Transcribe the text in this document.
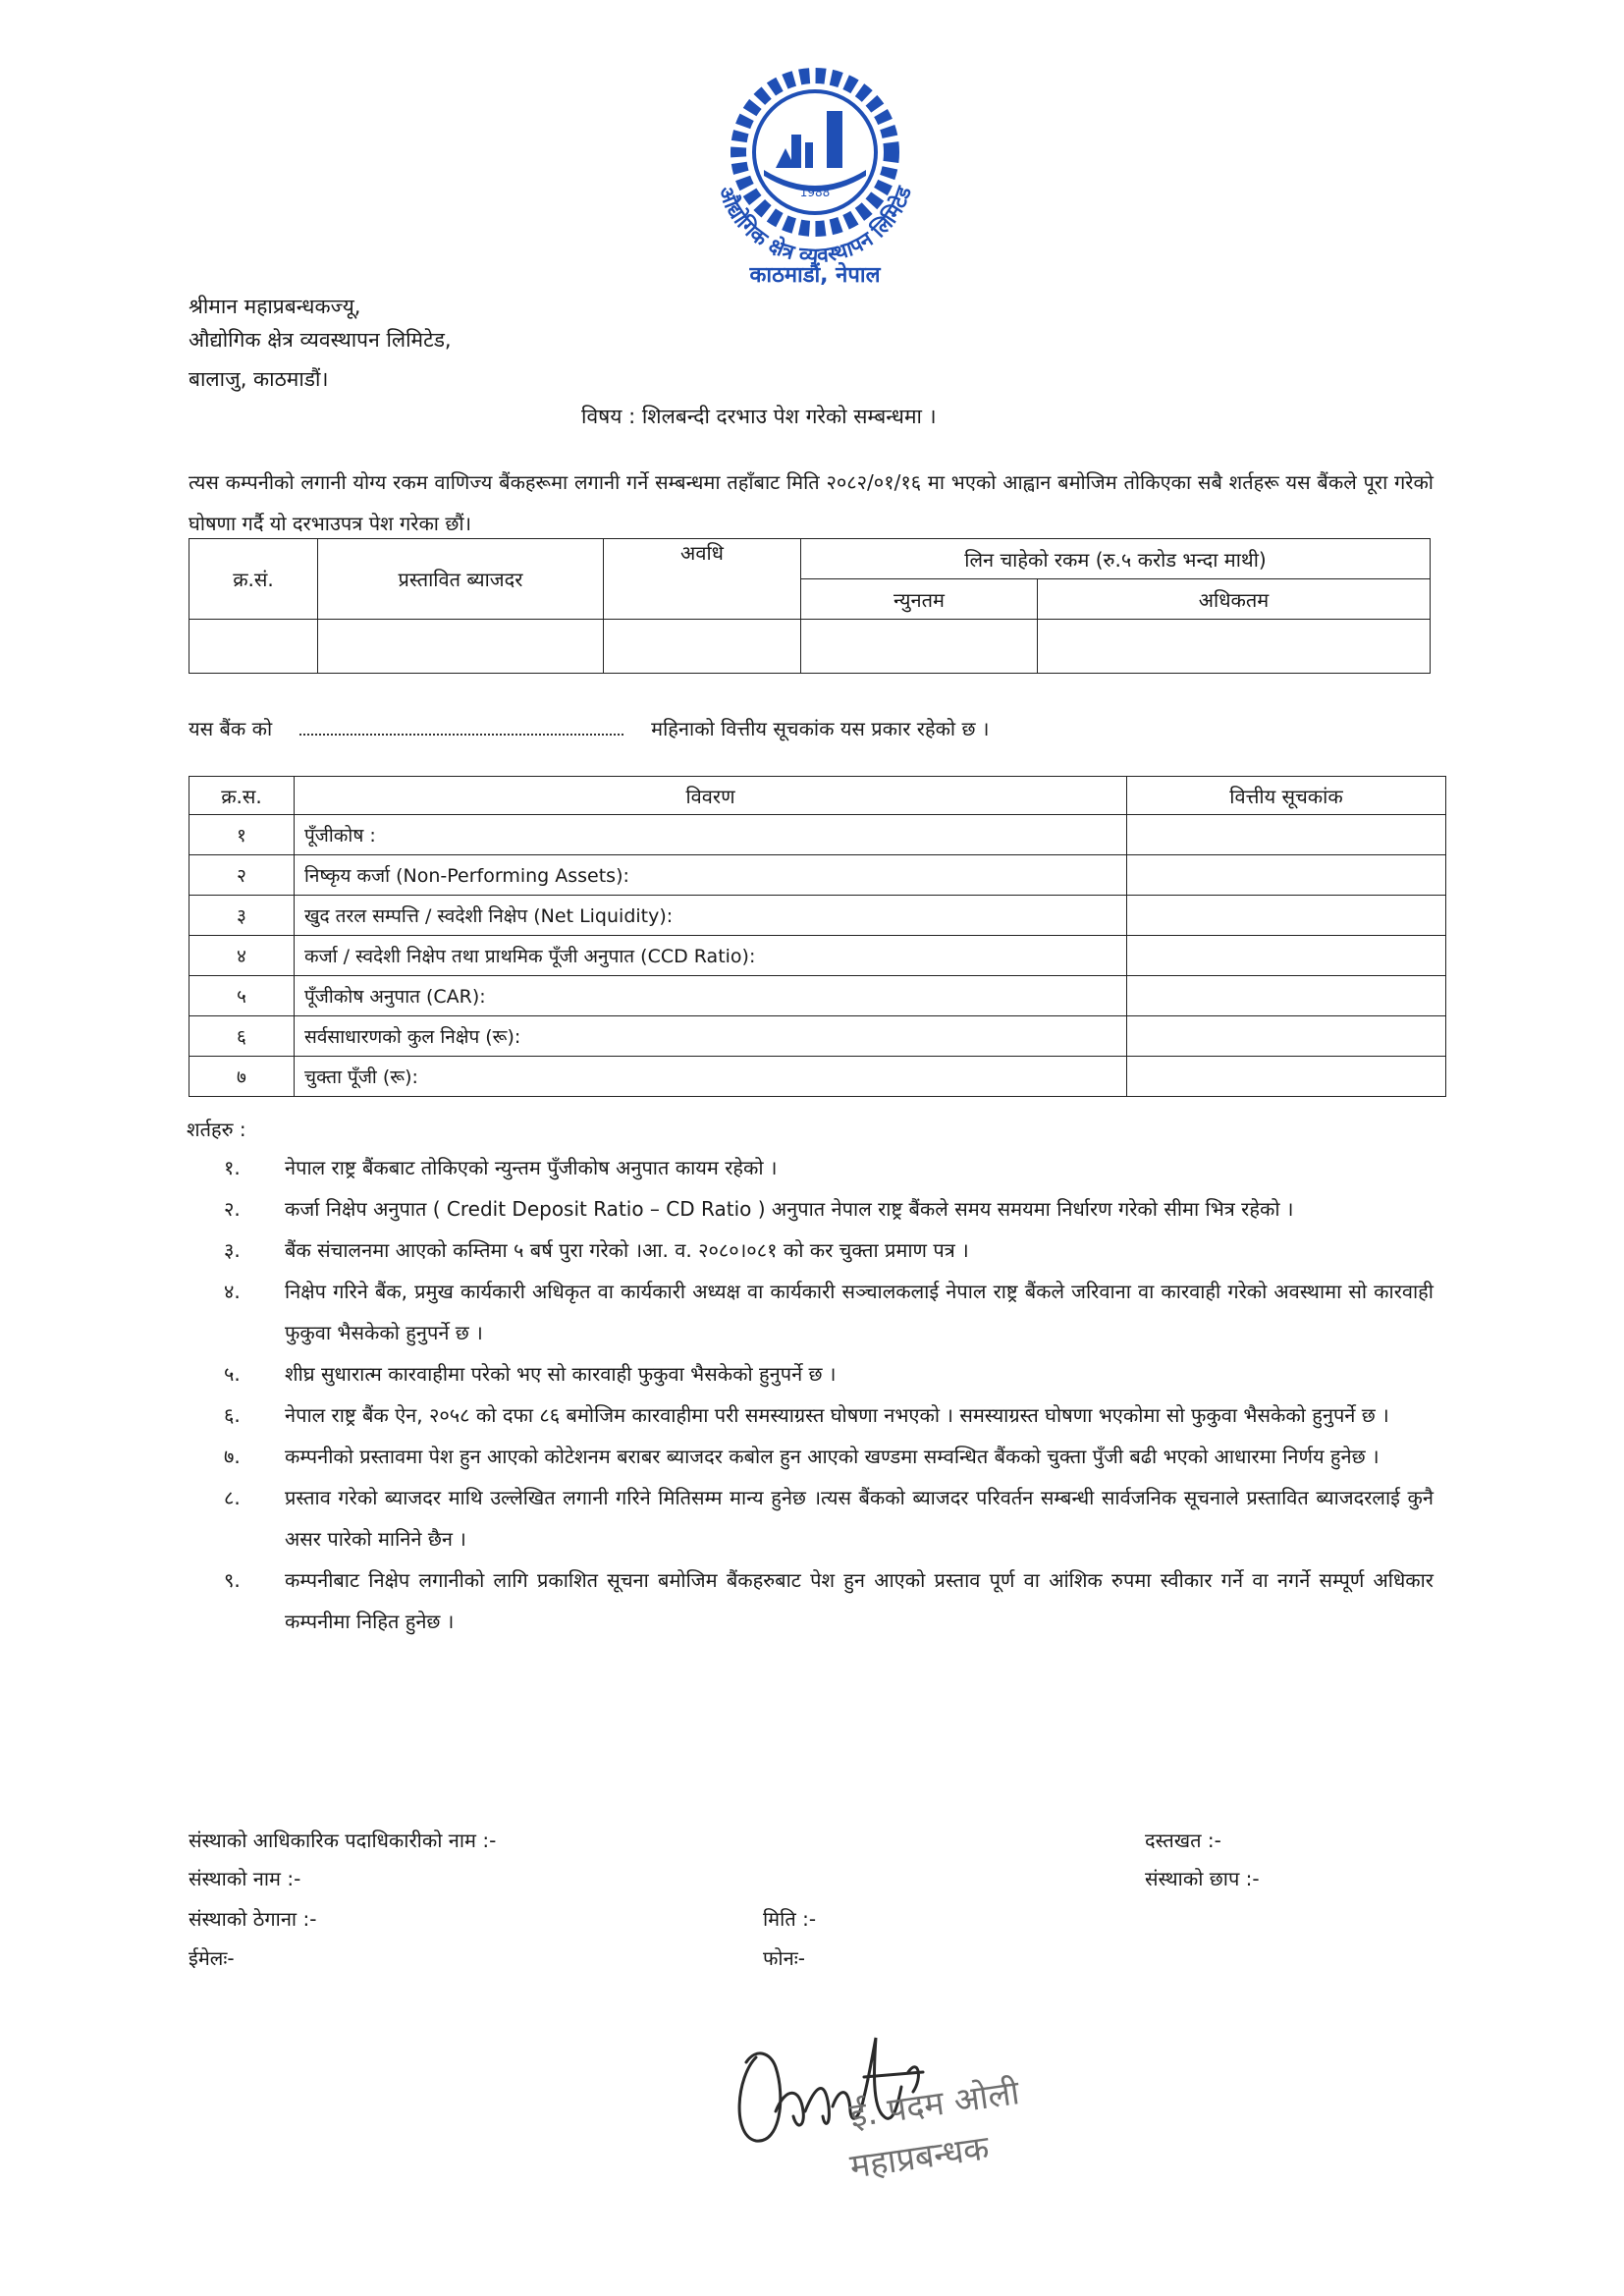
1988
औद्योगिक क्षेत्र व्यवस्थापन लिमिटेड
काठमाडौं, नेपाल
श्रीमान महाप्रबन्धकज्यू,
औद्योगिक क्षेत्र व्यवस्थापन लिमिटेड,
बालाजु, काठमाडौं।
विषय : शिलबन्दी दरभाउ पेश गरेको सम्बन्धमा ।
त्यस कम्पनीको लगानी योग्य रकम वाणिज्य बैंकहरूमा लगानी गर्ने सम्बन्धमा तहाँबाट मिति २०८२/०१/१६ मा भएको आह्वान बमोजिम तोकिएका सबै शर्तहरू यस बैंकले पूरा गरेको घोषणा गर्दै यो दरभाउपत्र पेश गरेका छौं।
क्र.सं.	प्रस्तावित ब्याजदर	अवधि	लिन चाहेको रकम (रु.५ करोड भन्दा माथी)	
			न्युनतम	अधिकतम

यस बैंक को	महिनाको वित्तीय सूचकांक यस प्रकार रहेको छ ।
क्र.स.	विवरण	वित्तीय सूचकांक
१	पूँजीकोष :	
२	निष्कृय कर्जा (Non-Performing Assets):	
३	खुद तरल सम्पत्ति / स्वदेशी निक्षेप (Net Liquidity):	
४	कर्जा / स्वदेशी निक्षेप तथा प्राथमिक पूँजी अनुपात (CCD Ratio):	
५	पूँजीकोष अनुपात (CAR):	
६	सर्वसाधारणको कुल निक्षेप (रू):	
७	चुक्ता पूँजी (रू):	
शर्तहरु :
१.	नेपाल राष्ट्र बैंकबाट तोकिएको न्युन्तम पुँजीकोष अनुपात कायम रहेको ।
२.	कर्जा निक्षेप अनुपात ( Credit Deposit Ratio – CD Ratio ) अनुपात नेपाल राष्ट्र बैंकले समय समयमा निर्धारण गरेको सीमा भित्र रहेको ।
३.	बैंक संचालनमा आएको कम्तिमा ५ बर्ष पुरा गरेको ।आ. व. २०८०।०८१ को कर चुक्ता प्रमाण पत्र ।
४.	निक्षेप गरिने बैंक, प्रमुख कार्यकारी अधिकृत वा कार्यकारी अध्यक्ष वा कार्यकारी सञ्चालकलाई नेपाल राष्ट्र बैंकले जरिवाना वा कारवाही गरेको अवस्थामा सो कारवाही फुकुवा भैसकेको हुनुपर्ने छ ।
५.	शीघ्र सुधारात्म कारवाहीमा परेको भए सो कारवाही फुकुवा भैसकेको हुनुपर्ने छ ।
६.	नेपाल राष्ट्र बैंक ऐन, २०५८ को दफा ८६ बमोजिम कारवाहीमा परी समस्याग्रस्त घोषणा नभएको । समस्याग्रस्त घोषणा भएकोमा सो फुकुवा भैसकेको हुनुपर्ने छ ।
७.	कम्पनीको प्रस्तावमा पेश हुन आएको कोटेशनम बराबर ब्याजदर कबोल हुन आएको खण्डमा सम्वन्धित बैंकको चुक्ता पुँजी बढी भएको आधारमा निर्णय हुनेछ ।
८.	प्रस्ताव गरेको ब्याजदर माथि उल्लेखित लगानी गरिने मितिसम्म मान्य हुनेछ ।त्यस बैंकको ब्याजदर परिवर्तन सम्बन्धी सार्वजनिक सूचनाले प्रस्तावित ब्याजदरलाई कुनै असर पारेको मानिने छैन ।
९.	कम्पनीबाट निक्षेप लगानीको लागि प्रकाशित सूचना बमोजिम बैंकहरुबाट पेश हुन आएको प्रस्ताव पूर्ण वा आंशिक रुपमा स्वीकार गर्ने वा नगर्ने सम्पूर्ण अधिकार कम्पनीमा निहित हुनेछ ।
संस्थाको आधिकारिक पदाधिकारीको नाम :-
संस्थाको नाम :-
संस्थाको ठेगाना :-
ईमेलः-
दस्तखत :-
संस्थाको छाप :-
मिति :-
फोनः-
ई. पदम ओली
महाप्रबन्धक
